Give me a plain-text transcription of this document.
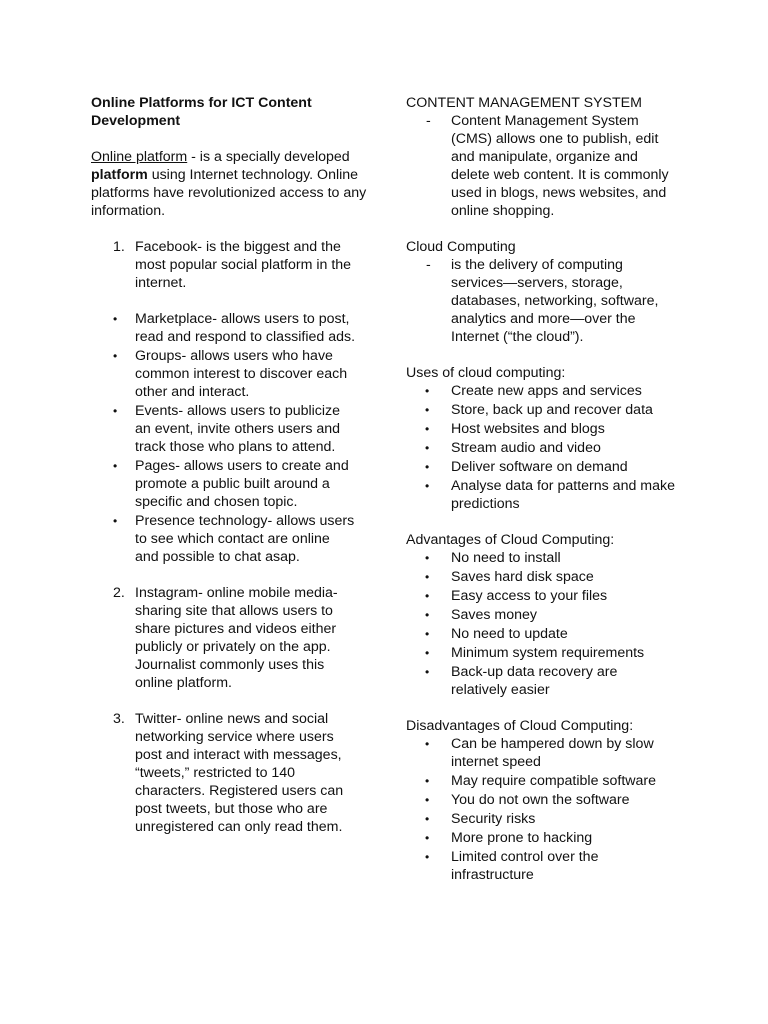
Online Platforms for ICT Content Development

Online platform - is a specially developed platform using Internet technology. Online platforms have revolutionized access to any information.
1. Facebook- is the biggest and the most popular social platform in the internet.
•	Marketplace- allows users to post, read and respond to classified ads.
•	Groups- allows users who have common interest to discover each other and interact.
•	Events- allows users to publicize an event, invite others users and track those who plans to attend.
•	Pages- allows users to create and promote a public built around a specific and chosen topic.
•	Presence technology- allows users to see which contact are online and possible to chat asap.
2. Instagram- online mobile media-sharing site that allows users to share pictures and videos either publicly or privately on the app. Journalist commonly uses this online platform.
3. Twitter- online news and social networking service where users post and interact with messages, “tweets,” restricted to 140 characters. Registered users can post tweets, but those who are unregistered can only read them.

CONTENT MANAGEMENT SYSTEM

-	Content Management System (CMS) allows one to publish, edit and manipulate, organize and delete web content. It is commonly used in blogs, news websites, and online shopping.

Cloud Computing

-	is the delivery of computing services—servers, storage, databases, networking, software, analytics and more—over the Internet (“the cloud”).

Uses of cloud computing:

•	Create new apps and services
•	Store, back up and recover data
•	Host websites and blogs
•	Stream audio and video
•	Deliver software on demand
•	Analyse data for patterns and make predictions

Advantages of Cloud Computing:

•	No need to install
•	Saves hard disk space
•	Easy access to your files
•	Saves money
•	No need to update
•	Minimum system requirements
•	Back-up data recovery are relatively easier

Disadvantages of Cloud Computing:

•	Can be hampered down by slow internet speed
•	May require compatible software
•	You do not own the software
•	Security risks
•	More prone to hacking
•	Limited control over the infrastructure
